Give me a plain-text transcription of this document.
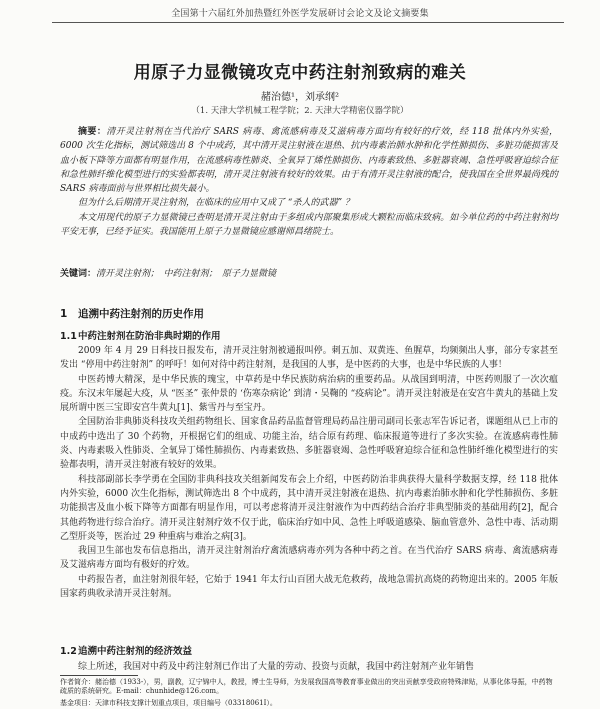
全国第十六届红外加热暨红外医学发展研讨会论文及论文摘要集
用原子力显微镜攻克中药注射剂致病的难关
赭治德¹，刘承纲²
（1. 天津大学机械工程学院；2. 天津大学精密仪器学院）
摘要：清开灵注射剂在当代治疗 SARS 病毒、禽流感病毒及艾滋病毒方面均有较好的疗效，经 118 批体内外实验，6000 次生化指标，测试筛选出 8 个中成药，其中清开灵注射液在退热、抗内毒素治肺水肿和化学性肺损伤、多脏功能损害及血小板下降等方面都有明显作用，在流感病毒性肺炎、全氧异丁烯性肺损伤、内毒素致热、多脏器衰竭、急性呼吸窘迫综合征和急性肺纤维化模型进行的实验都表明，清开灵注射液有较好的效果。由于有清开灵注射液的配合，使我国在全世界最尚残的 SARS 病毒面前与世界相比损失最小。
但为什么后期清开灵注射剂，在临床的应用中又成了 “杀人的武器” ？
本文用现代的原子力显微镜已查明是清开灵注射由于多组成内部聚集形成大颗粒而临床致病。如今单位药的中药注射剂均平安无事，已经予证实。我国能用上原子力显微镜应感谢师昌绪院士。
关键词：清开灵注射剂；　中药注射剂；　原子力显微镜
1 追溯中药注射剂的历史作用
1.1中药注射剂在防治非典时期的作用
2009 年 4 月 29 日科技日报发布，清开灵注射剂被通报叫停。刺五加、双黄连、鱼腥草，均频频出人事，部分专家甚至发出 “停用中药注射剂” 的呼吁！如何对待中药注射剂，是我国的人事，是中医药的大事，也是中华民族的人事！
中医药博大精深，是中华民族的瑰宝，中草药是中华民族防病治病的重要药品。从战国到明清，中医药则服了一次次瘟疫。东汉末年屡起大疫，从 “医圣” 张仲景的 ‘伤寒杂病论’ 到清・吴鞠的 “疫病论”。清开灵注射液是在安宫牛黄丸的基础上发展所谓中医三宝即安宫牛黄丸[1]、紫雪丹与至宝丹。
全国防治非典肺炎科技攻关组药物组长、国家食品药品监督管理局药品注册司副司长张志军告诉记者，课题组从已上市的中成药中选出了 30 个药物，开根据它们的组成、功能主治，结合原有药理、临床报道等进行了多次实验。在流感病毒性肺炎、内毒素吸入性肺炎、全氧异丁烯性肺损伤、内毒素致热、多脏器衰竭、急性呼吸窘迫综合征和急性肺纤维化模型进行的实验都表明，清开灵注射液有较好的效果。
科技部副部长李学勇在全国防非典科技攻关组新闻发布会上介绍，中医药防治非典获得大量科学数据支撑，经 118 批体内外实验，6000 次生化指标，测试筛选出 8 个中成药，其中清开灵注射液在退热、抗内毒素治肺水肿和化学性肺损伤、多脏功能损害及血小板下降等方面都有明显作用，可以考虑将清开灵注射液作为中西药结合治疗非典型肺炎的基础用药[2]，配合其他药物进行综合治疗。清开灵注射剂疗效不仅于此，临床治疗如中风、急性上呼吸道感染、脑血管意外、急性中毒、活动期乙型肝炎等，医治过 29 种重病与难治之病[3]。
我国卫生部也发布信息指出，清开灵注射剂治疗禽流感病毒亦列为各种中药之首。在当代治疗 SARS 病毒、禽流感病毒及艾滋病毒方面均有极好的疗效。
中药报告者，血注射剂很年轻，它始于 1941 年太行山百团大战无危救药，战地急需抗高烧的药物迎出来的。2005 年版国家药典收录清开灵注射剂。
1.2追溯中药注射剂的经济效益
综上所述，我国对中药及中药注射剂已作出了大量的劳动、投资与贡献，我国中药注射剂产业年销售
作者简介：赭治德（1933-），男，副教，辽宁锦中人，教授，博士生导师，为发展我国高等教育事业做出的突出贡献享受政府特殊津贴，从事化体导振，中药物疏质的系统研究。E-mail：chunhide@126.com。
基金项目：天津市科技支撑计划重点项目，项目编号（03318061I）。
